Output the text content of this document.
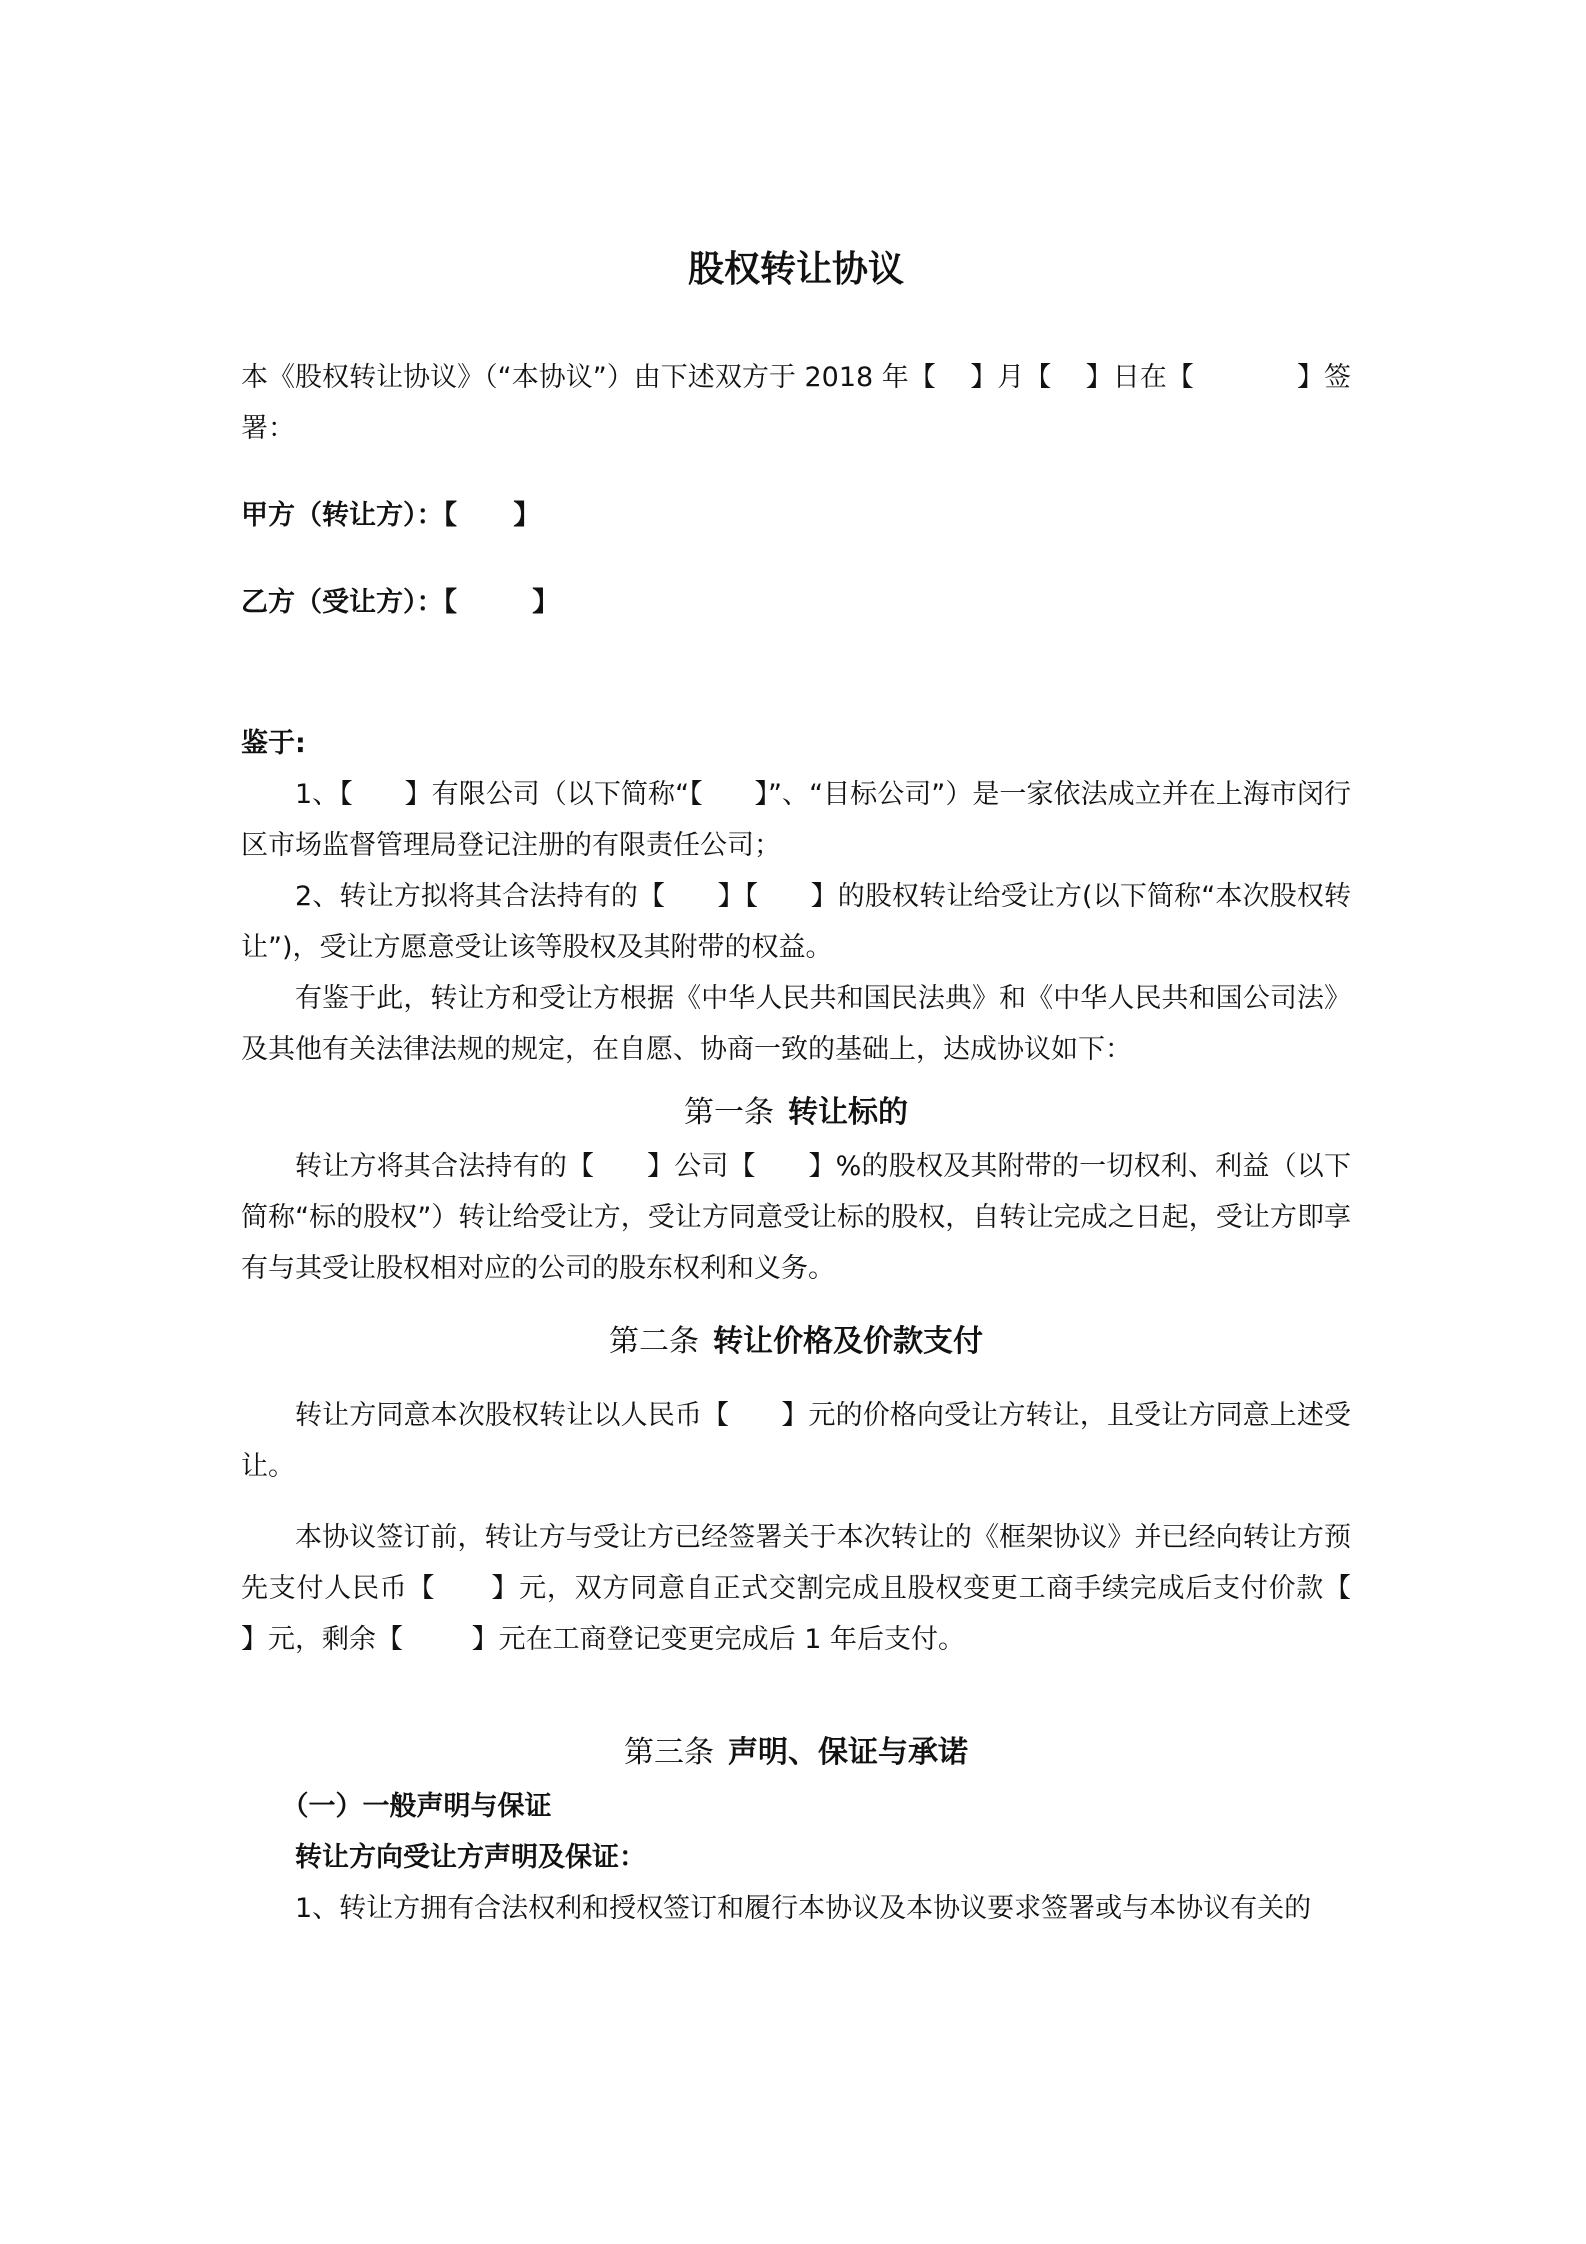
股权转让协议

本《股权转让协议》（“本协议”）由下述双方于 2018 年【    】月【    】日在【            】签署：

甲方（转让方）：【      】

乙方（受让方）：【        】

鉴于:

1、【      】有限公司（以下简称“【      】”、“目标公司”）是一家依法成立并在上海市闵行区市场监督管理局登记注册的有限责任公司；

2、转让方拟将其合法持有的【      】【      】的股权转让给受让方(以下简称“本次股权转让”)，受让方愿意受让该等股权及其附带的权益。

有鉴于此，转让方和受让方根据《中华人民共和国民法典》和《中华人民共和国公司法》及其他有关法律法规的规定，在自愿、协商一致的基础上，达成协议如下：

第一条 转让标的

转让方将其合法持有的【      】公司【      】%的股权及其附带的一切权利、利益（以下简称“标的股权”）转让给受让方，受让方同意受让标的股权，自转让完成之日起，受让方即享有与其受让股权相对应的公司的股东权利和义务。

第二条 转让价格及价款支付

转让方同意本次股权转让以人民币【      】元的价格向受让方转让，且受让方同意上述受让。

本协议签订前，转让方与受让方已经签署关于本次转让的《框架协议》并已经向转让方预先支付人民币【      】元，双方同意自正式交割完成且股权变更工商手续完成后支付价款【      】元，剩余【        】元在工商登记变更完成后 1 年后支付。

第三条 声明、保证与承诺

（一）一般声明与保证

转让方向受让方声明及保证：

1、转让方拥有合法权利和授权签订和履行本协议及本协议要求签署或与本协议有关的
